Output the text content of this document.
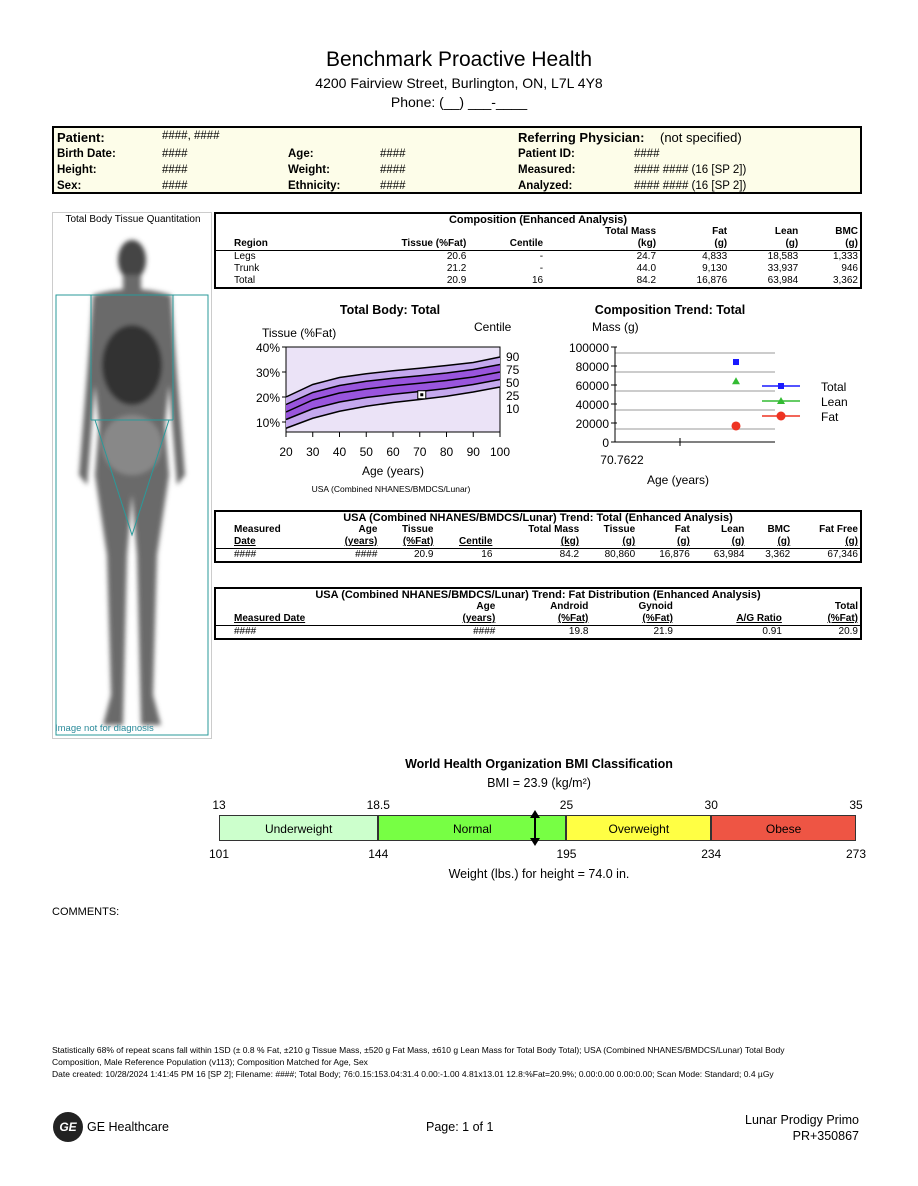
Benchmark Proactive Health
4200 Fairview Street, Burlington, ON, L7L 4Y8
Phone: (__) ___-____
Patient:	####, ####	Referring Physician: (not specified)
Birth Date:	####	Age:	####	Patient ID:	####
Height:	####	Weight:	####	Measured:	#### #### (16 [SP 2])
Sex:	####	Ethnicity:	####	Analyzed:	#### #### (16 [SP 2])
Total Body Tissue Quantitation
Image not for diagnosis
Composition (Enhanced Analysis)						
			Total Mass	Fat	Lean	BMC
Region	Tissue (%Fat)	Centile	(kg)	(g)	(g)	(g)
Legs	20.6	-	24.7	4,833	18,583	1,333
Trunk	21.2	-	44.0	9,130	33,937	946
Total	20.9	16	84.2	16,876	63,984	3,362
Total Body: Total	Composition Trend: Total
Tissue (%Fat)	Centile
90
75
50
25
10
40%
30%
20%
10%
20 30 40 50 60 70 80 90 100
Age (years)
USA (Combined NHANES/BMDCS/Lunar)
Mass (g)
0
20000
40000
60000
80000
100000
70.7622
Age (years)
Total
Lean
Fat
USA (Combined NHANES/BMDCS/Lunar) Trend: Total (Enhanced Analysis)									
Measured	Age	Tissue		Total Mass	Tissue	Fat	Lean	BMC	Fat Free
Date	(years)	(%Fat)	Centile	(kg)	(g)	(g)	(g)	(g)	(g)
####	####	20.9	16	84.2	80,860	16,876	63,984	3,362	67,346
USA (Combined NHANES/BMDCS/Lunar) Trend: Fat Distribution (Enhanced Analysis)					
	Age	Android	Gynoid		Total
Measured Date	(years)	(%Fat)	(%Fat)	A/G Ratio	(%Fat)
####	####	19.8	21.9	0.91	20.9
World Health Organization BMI Classification
BMI = 23.9 (kg/m²)
Underweight	Normal	Overweight	Obese
13
101
18.5
144
25
195
30
234
35
273
Weight (lbs.) for height = 74.0 in.
COMMENTS:
Statistically 68% of repeat scans fall within 1SD (± 0.8 % Fat, ±210 g Tissue Mass, ±520 g Fat Mass, ±610 g Lean Mass for Total Body Total); USA (Combined NHANES/BMDCS/Lunar) Total Body
Composition, Male Reference Population (v113); Composition Matched for Age, Sex
Date created: 10/28/2024 1:41:45 PM 16 [SP 2]; Filename: ####; Total Body; 76:0.15:153.04:31.4 0.00:-1.00 4.81x13.01 12.8:%Fat=20.9%; 0.00:0.00 0.00:0.00; Scan Mode: Standard; 0.4 µGy
GE GE Healthcare	Page: 1 of 1	Lunar Prodigy Primo
PR+350867
